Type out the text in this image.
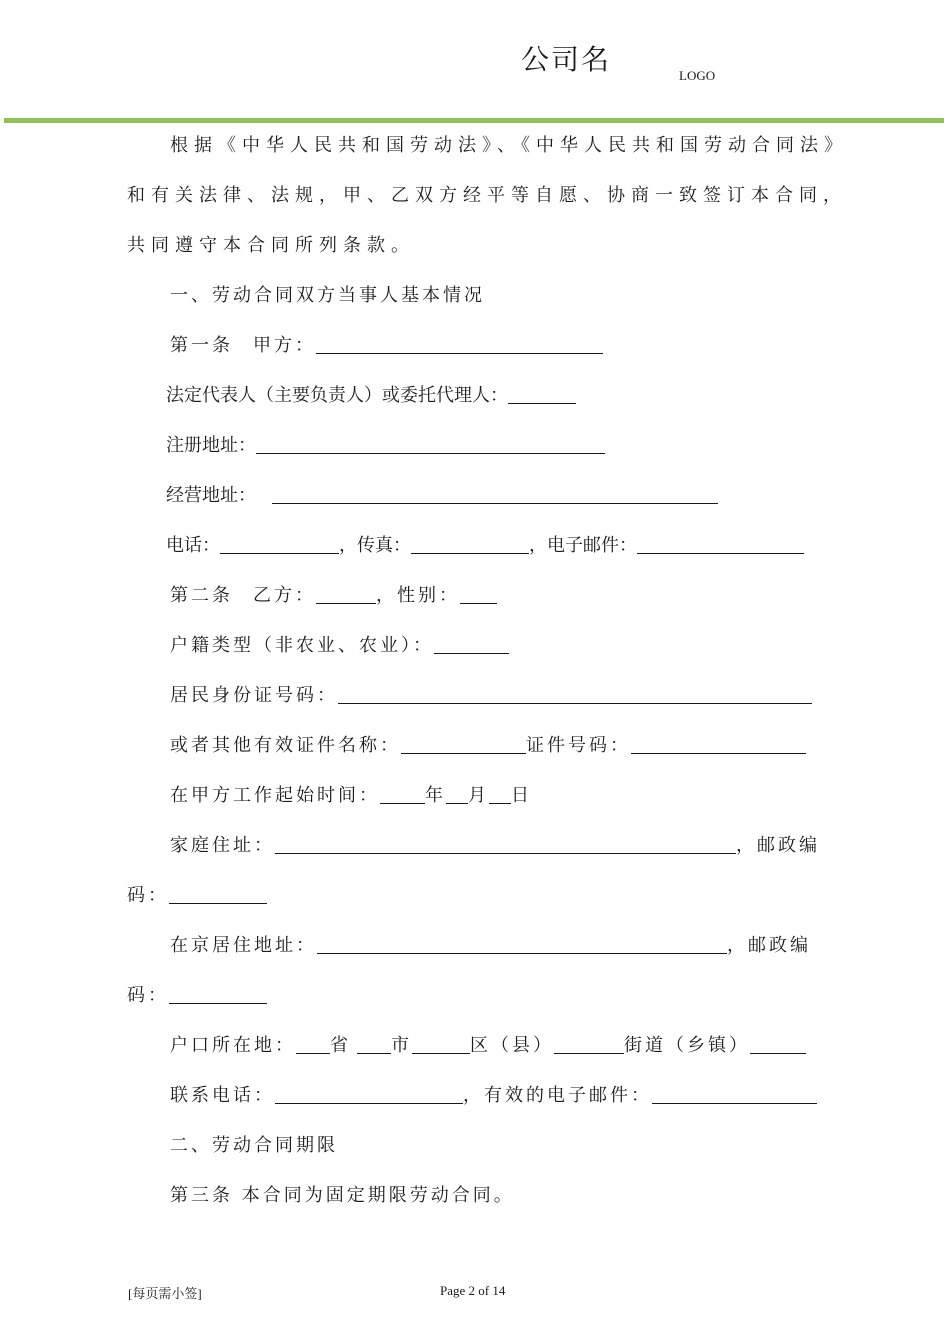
公司名	LOGO
根据《中华人民共和国劳动法》、《中华人民共和国劳动合同法》
和有关法律、法规，甲、乙双方经平等自愿、协商一致签订本合同，
共同遵守本合同所列条款。
一、劳动合同双方当事人基本情况
第一条 甲方：
法定代表人（主要负责人）或委托代理人：
注册地址：
经营地址：
电话：	，传真：	，电子邮件：
第二条 乙方：	，性别：
户籍类型（非农业、农业）：
居民身份证号码：
或者其他有效证件名称：	证件号码：
在甲方工作起始时间：	年 月 日
家庭住址：	，邮政编
码：
在京居住地址：	，邮政编
码：
户口所在地： 省 市	区（县）	街道（乡镇）
联系电话：	，有效的电子邮件：
二、劳动合同期限
第三条 本合同为固定期限劳动合同。
[每页需小签]	Page 2 of 14
